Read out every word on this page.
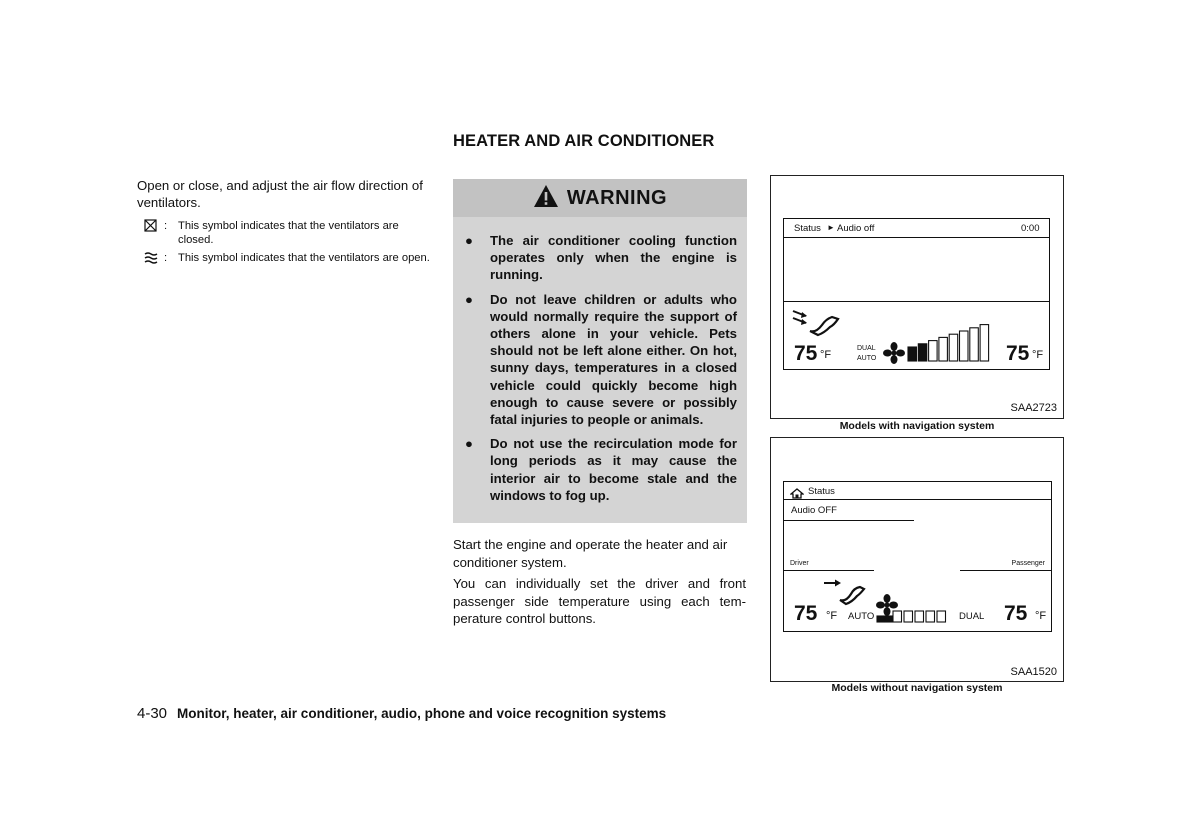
HEATER AND AIR CONDITIONER
Open or close, and adjust the air flow direction of ventilators.
: This symbol indicates that the ventilators are closed.
: This symbol indicates that the ventilators are open.
WARNING
●	The air conditioner cooling function operates only when the engine is running.
●	Do not leave children or adults who would normally require the support of others alone in your vehicle. Pets should not be left alone either. On hot, sunny days, temperatures in a closed vehicle could quickly become high enough to cause severe or possibly fatal injuries to people or animals.
●	Do not use the recirculation mode for long periods as it may cause the interior air to become stale and the windows to fog up.
Start the engine and operate the heater and air conditioner system.
You can individually set the driver and front passenger side temperature using each tem-perature control buttons.
Status ► Audio off	0:00
75 °F
DUAL
AUTO	75 °F
SAA2723
Models with navigation system
Status
Audio OFF
Driver	Passenger
75 °F AUTO	DUAL 75 °F
SAA1520
Models without navigation system
4-30 Monitor, heater, air conditioner, audio, phone and voice recognition systems
